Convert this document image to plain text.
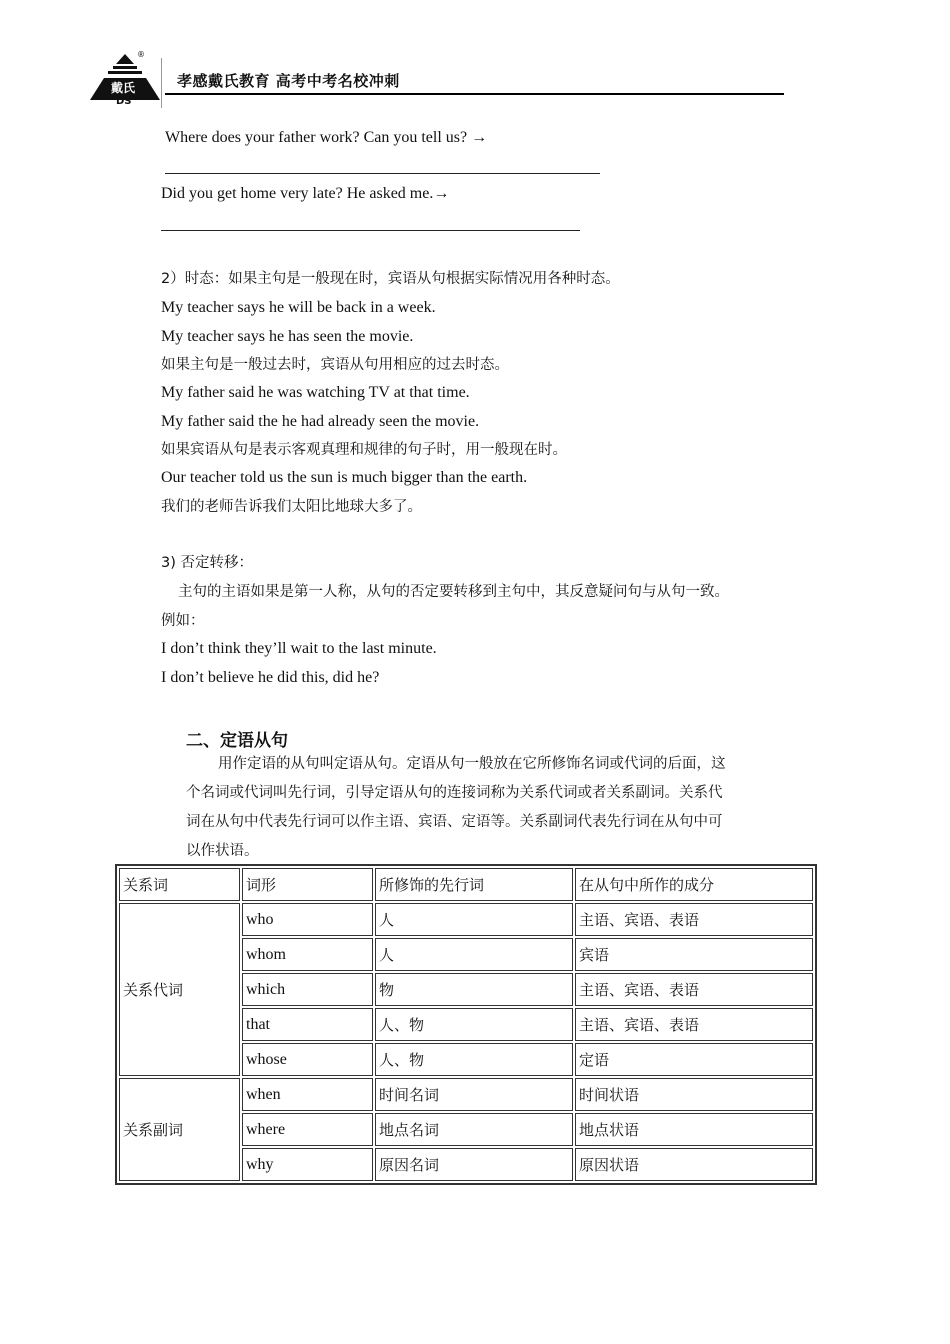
戴氏
DS
®
孝感戴氏教育 高考中考名校冲刺
Where does your father work? Can you tell us? →
Did you get home very late? He asked me.→
2）时态：如果主句是一般现在时，宾语从句根据实际情况用各种时态。
My teacher says he will be back in a week.
My teacher says he has seen the movie.
如果主句是一般过去时，宾语从句用相应的过去时态。
My father said he was watching TV at that time.
My father said the he had already seen the movie.
如果宾语从句是表示客观真理和规律的句子时，用一般现在时。
Our teacher told us the sun is much bigger than the earth.
我们的老师告诉我们太阳比地球大多了。
3) 否定转移：
主句的主语如果是第一人称，从句的否定要转移到主句中，其反意疑问句与从句一致。
例如：
I don’t think they’ll wait to the last minute.
I don’t believe he did this, did he?
二、定语从句
用作定语的从句叫定语从句。定语从句一般放在它所修饰名词或代词的后面，这
个名词或代词叫先行词，引导定语从句的连接词称为关系代词或者关系副词。关系代
词在从句中代表先行词可以作主语、宾语、定语等。关系副词代表先行词在从句中可
以作状语。
关系词	词形	所修饰的先行词	在从句中所作的成分
关系代词	who	人	主语、宾语、表语
	whom	人	宾语
	which	物	主语、宾语、表语
	that	人、物	主语、宾语、表语
	whose	人、物	定语
关系副词	when	时间名词	时间状语
	where	地点名词	地点状语
	why	原因名词	原因状语
